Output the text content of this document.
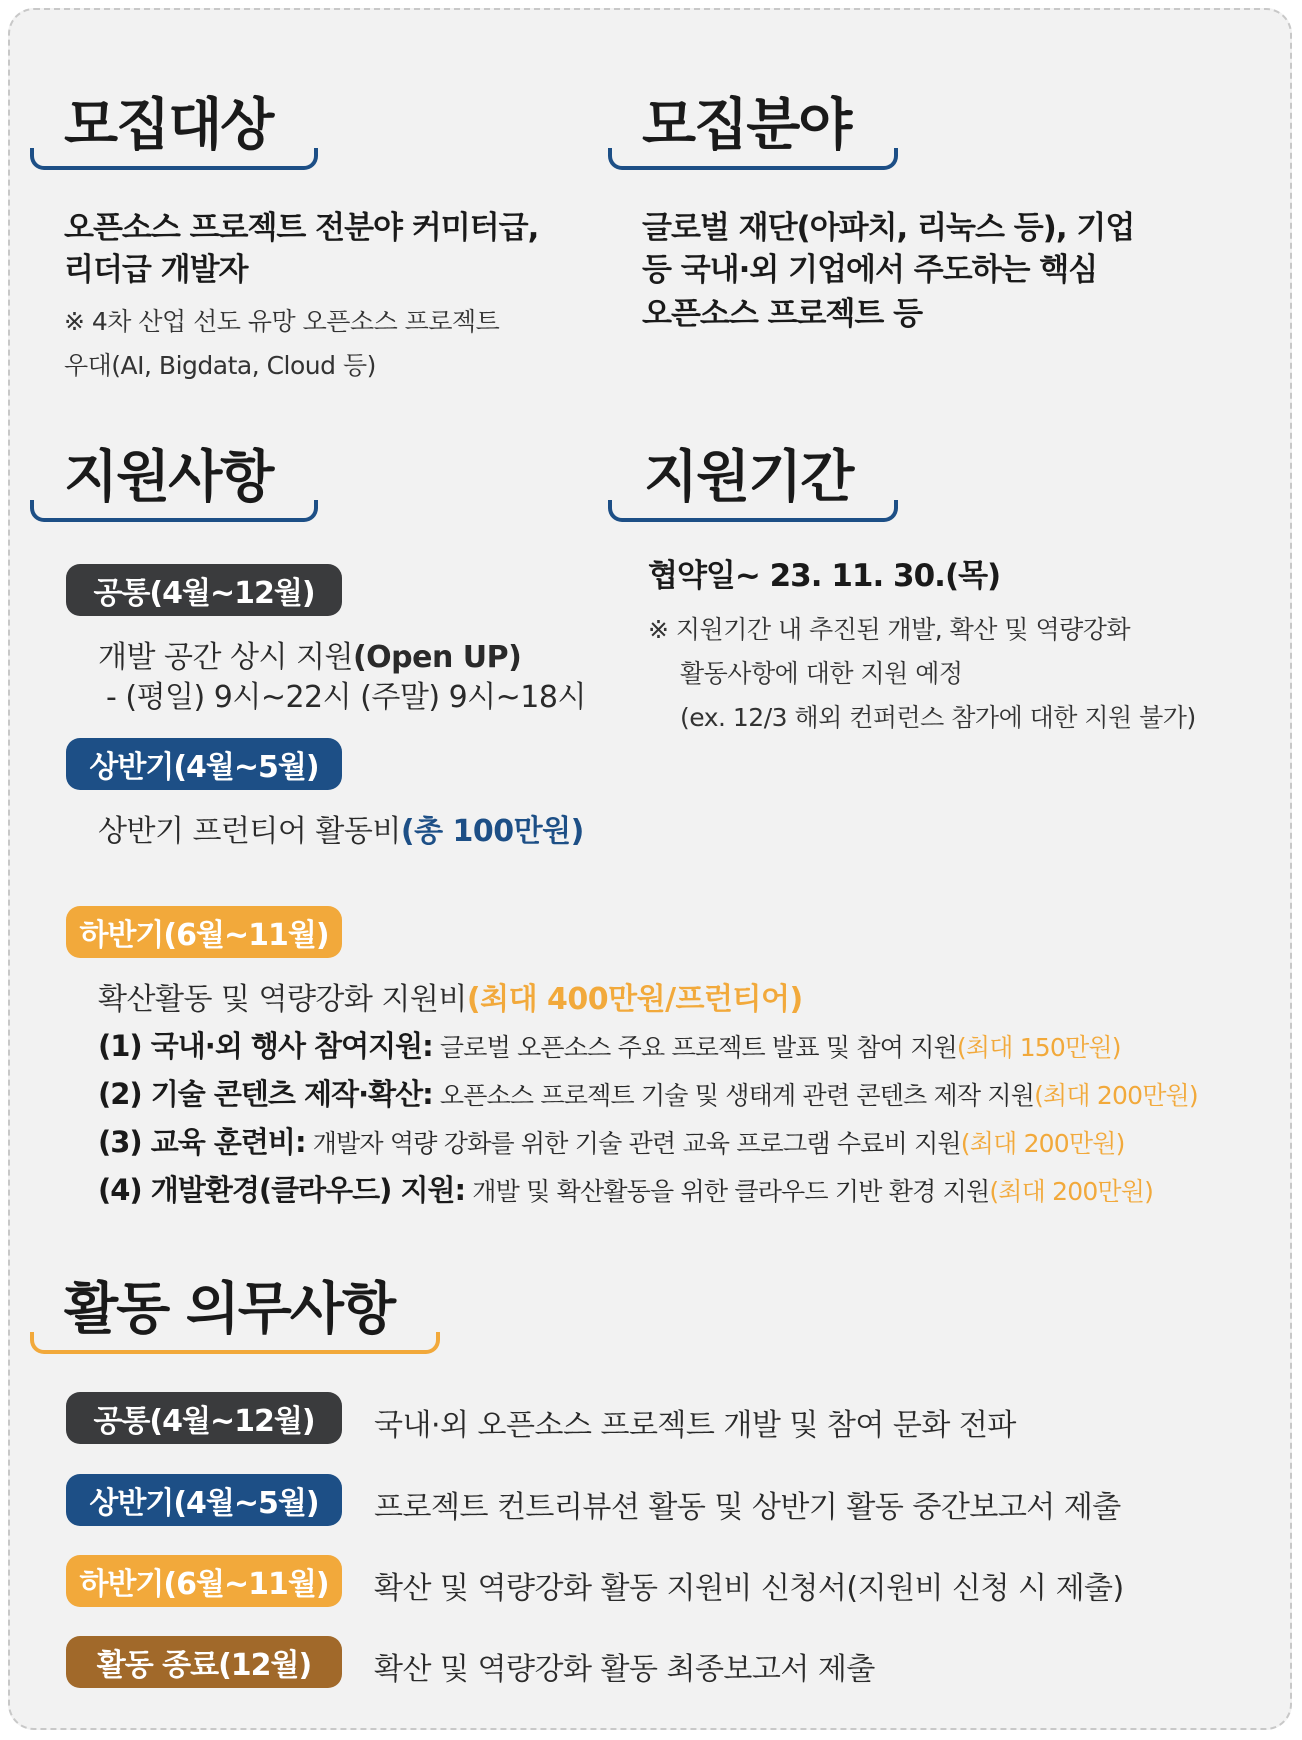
모집대상
오픈소스 프로젝트 전분야 커미터급,
리더급 개발자
※ 4차 산업 선도 유망 오픈소스 프로젝트
우대(AI, Bigdata, Cloud 등)
모집분야
글로벌 재단(아파치, 리눅스 등), 기업
등 국내·외 기업에서 주도하는 핵심
오픈소스 프로젝트 등
지원사항
공통(4월~12월)
개발 공간 상시 지원(Open UP)
- (평일) 9시~22시 (주말) 9시~18시
상반기(4월~5월)
상반기 프런티어 활동비(총 100만원)
하반기(6월~11월)
확산활동 및 역량강화 지원비(최대 400만원/프런티어)
(1) 국내·외 행사 참여지원: 글로벌 오픈소스 주요 프로젝트 발표 및 참여 지원(최대 150만원)
(2) 기술 콘텐츠 제작·확산: 오픈소스 프로젝트 기술 및 생태계 관련 콘텐츠 제작 지원(최대 200만원)
(3) 교육 훈련비: 개발자 역량 강화를 위한 기술 관련 교육 프로그램 수료비 지원(최대 200만원)
(4) 개발환경(클라우드) 지원: 개발 및 확산활동을 위한 클라우드 기반 환경 지원(최대 200만원)
지원기간
협약일~ 23. 11. 30.(목)
※ 지원기간 내 추진된 개발, 확산 및 역량강화
활동사항에 대한 지원 예정
(ex. 12/3 해외 컨퍼런스 참가에 대한 지원 불가)
활동 의무사항
공통(4월~12월)	국내·외 오픈소스 프로젝트 개발 및 참여 문화 전파
상반기(4월~5월)	프로젝트 컨트리뷰션 활동 및 상반기 활동 중간보고서 제출
하반기(6월~11월)	확산 및 역량강화 활동 지원비 신청서(지원비 신청 시 제출)
활동 종료(12월)	확산 및 역량강화 활동 최종보고서 제출
